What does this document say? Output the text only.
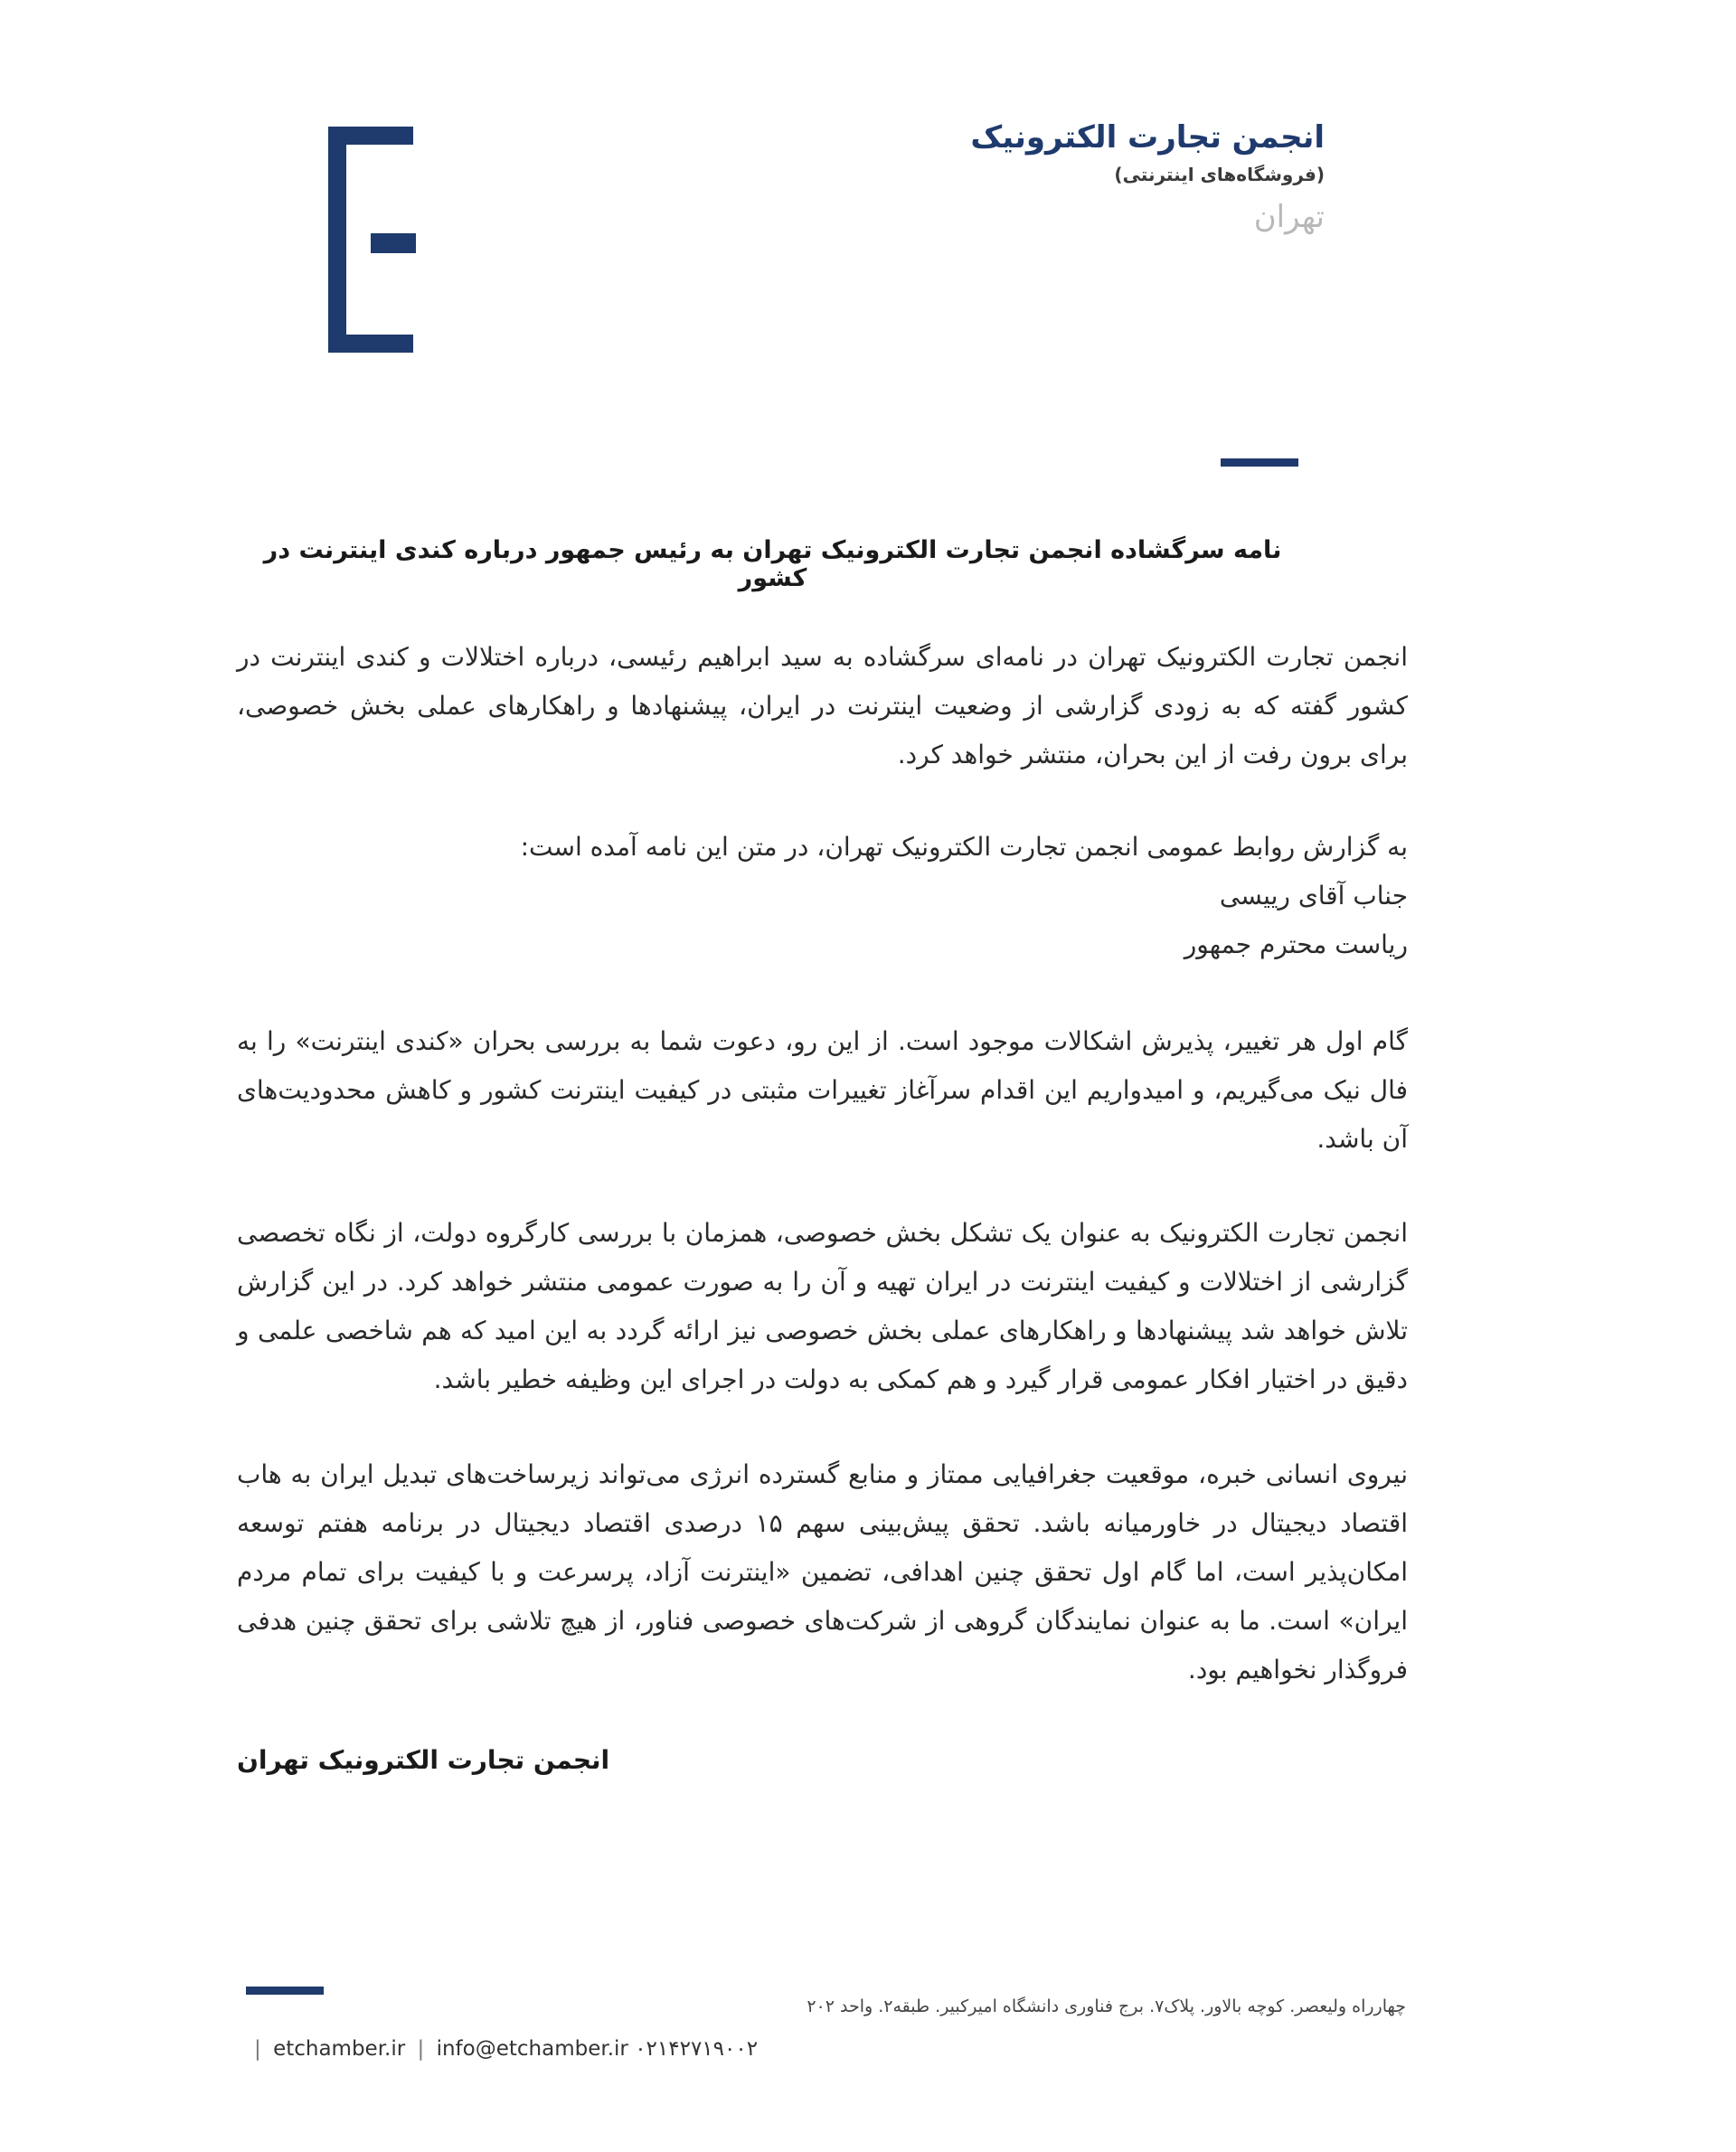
انجمن تجارت الکترونیک
(فروشگاه‌های اینترنتی)
تهران
نامه سرگشاده انجمن تجارت الکترونیک تهران به رئیس جمهور درباره کندی اینترنت در کشور

انجمن تجارت الکترونیک تهران در نامه‌ای سرگشاده به سید ابراهیم رئیسی، درباره اختلالات و کندی اینترنت در کشور گفته که به زودی گزارشی از وضعیت اینترنت در ایران، پیشنهادها و راهکارهای عملی بخش خصوصی، برای برون رفت از این بحران، منتشر خواهد کرد.

به گزارش روابط عمومی انجمن تجارت الکترونیک تهران، در متن این نامه آمده است:

جناب آقای رییسی

ریاست محترم جمهور

گام اول هر تغییر، پذیرش اشکالات موجود است. از این رو، دعوت شما به بررسی بحران «کندی اینترنت» را به فال نیک می‌گیریم، و امیدواریم این اقدام سرآغاز تغییرات مثبتی در کیفیت اینترنت کشور و کاهش محدودیت‌های آن باشد.

انجمن تجارت الکترونیک به عنوان یک تشکل بخش خصوصی، همزمان با بررسی کارگروه دولت، از نگاه تخصصی گزارشی از اختلالات و کیفیت اینترنت در ایران تهیه و آن را به صورت عمومی منتشر خواهد کرد. در این گزارش تلاش خواهد شد پیشنهادها و راهکارهای عملی بخش خصوصی نیز ارائه گردد به این امید که هم شاخصی علمی و دقیق در اختیار افکار عمومی قرار گیرد و هم کمکی به دولت در اجرای این وظیفه خطیر باشد.

نیروی انسانی خبره، موقعیت جغرافیایی ممتاز و منابع گسترده انرژی می‌تواند زیرساخت‌های تبدیل ایران به هاب اقتصاد دیجیتال در خاورمیانه باشد. تحقق پیش‌بینی سهم ۱۵ درصدی اقتصاد دیجیتال در برنامه هفتم توسعه امکان‌پذیر است، اما گام اول تحقق چنین اهدافی، تضمین «اینترنت آزاد، پرسرعت و با کیفیت برای تمام مردم ایران» است. ما به عنوان نمایندگان گروهی از شرکت‌های خصوصی فناور، از هیچ تلاشی برای تحقق چنین هدفی فروگذار نخواهیم بود.

انجمن تجارت الکترونیک تهران
چهارراه ولیعصر. کوچه بالاور. پلاک۷. برج فناوری دانشگاه امیرکبیر. طبقه۲. واحد ۲۰۲
| etchamber.ir | info@etchamber.ir ۰۲۱۴۲۷۱۹۰۰۲
